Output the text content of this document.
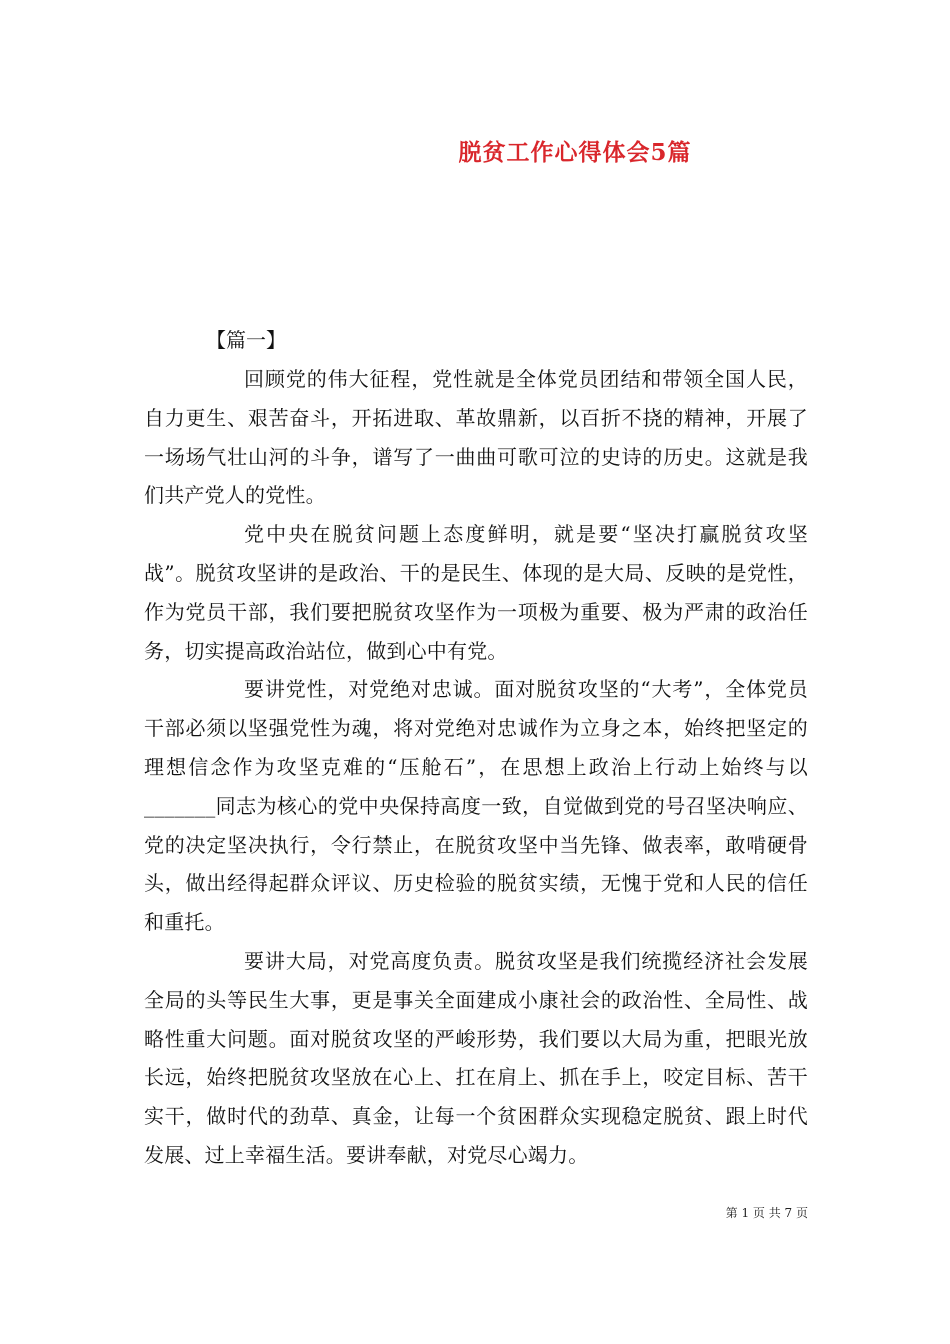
脱贫工作心得体会5篇

【篇一】

回顾党的伟大征程，党性就是全体党员团结和带领全国人民，自力更生、艰苦奋斗，开拓进取、革故鼎新，以百折不挠的精神，开展了一场场气壮山河的斗争，谱写了一曲曲可歌可泣的史诗的历史。这就是我们共产党人的党性。

党中央在脱贫问题上态度鲜明，就是要“坚决打赢脱贫攻坚战”。脱贫攻坚讲的是政治、干的是民生、体现的是大局、反映的是党性，作为党员干部，我们要把脱贫攻坚作为一项极为重要、极为严肃的政治任务，切实提高政治站位，做到心中有党。

要讲党性，对党绝对忠诚。面对脱贫攻坚的“大考”，全体党员干部必须以坚强党性为魂，将对党绝对忠诚作为立身之本，始终把坚定的理想信念作为攻坚克难的“压舱石”，在思想上政治上行动上始终与以_______同志为核心的党中央保持高度一致，自觉做到党的号召坚决响应、党的决定坚决执行，令行禁止，在脱贫攻坚中当先锋、做表率，敢啃硬骨头，做出经得起群众评议、历史检验的脱贫实绩，无愧于党和人民的信任和重托。

要讲大局，对党高度负责。脱贫攻坚是我们统揽经济社会发展全局的头等民生大事，更是事关全面建成小康社会的政治性、全局性、战略性重大问题。面对脱贫攻坚的严峻形势，我们要以大局为重，把眼光放长远，始终把脱贫攻坚放在心上、扛在肩上、抓在手上，咬定目标、苦干实干，做时代的劲草、真金，让每一个贫困群众实现稳定脱贫、跟上时代发展、过上幸福生活。要讲奉献，对党尽心竭力。

第 1 页 共 7 页
